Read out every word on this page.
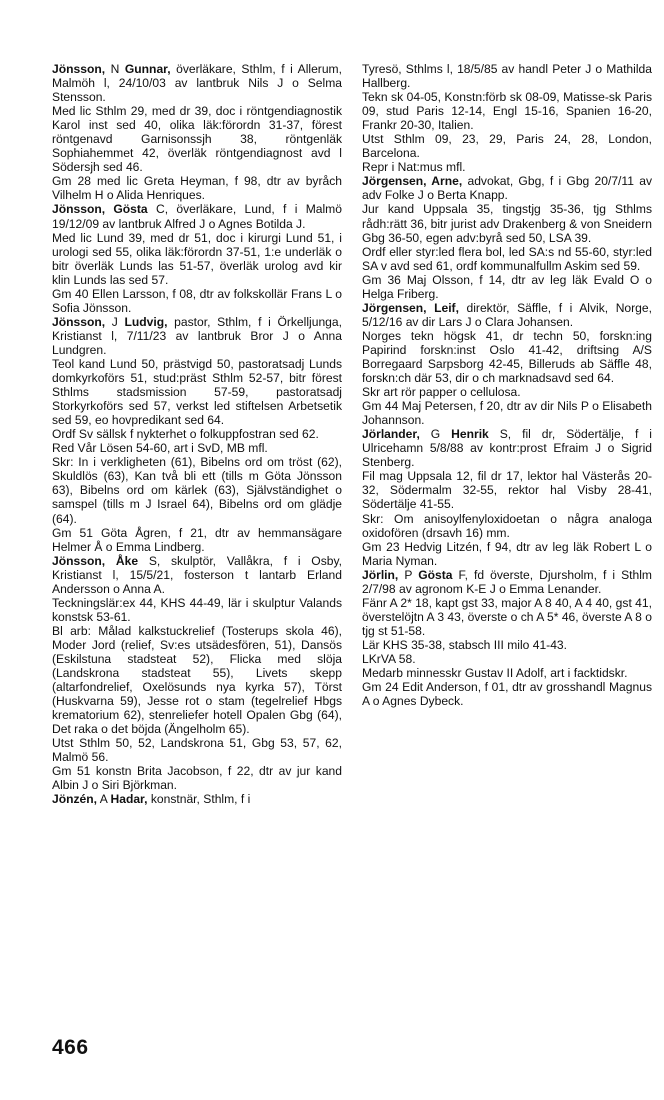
Jönsson, N Gunnar, överläkare, Sthlm, f i Allerum, Malmöh l, 24/10/03 av lantbruk Nils J o Selma Stensson.

Med lic Sthlm 29, med dr 39, doc i röntgendiagnostik Karol inst sed 40, olika läk:förordn 31-37, förest röntgenavd Garnisonssjh 38, röntgenläk Sophiahemmet 42, överläk röntgendiagnost avd l Södersjh sed 46.

Gm 28 med lic Greta Heyman, f 98, dtr av byråch Vilhelm H o Alida Henriques.

Jönsson, Gösta C, överläkare, Lund, f i Malmö 19/12/09 av lantbruk Alfred J o Agnes Botilda J.

Med lic Lund 39, med dr 51, doc i kirurgi Lund 51, i urologi sed 55, olika läk:förordn 37-51, 1:e underläk o bitr överläk Lunds las 51-57, överläk urolog avd kir klin Lunds las sed 57.

Gm 40 Ellen Larsson, f 08, dtr av folkskollär Frans L o Sofia Jönsson.

Jönsson, J Ludvig, pastor, Sthlm, f i Örkelljunga, Kristianst l, 7/11/23 av lantbruk Bror J o Anna Lundgren.

Teol kand Lund 50, prästvigd 50, pastoratsadj Lunds domkyrkoförs 51, stud:präst Sthlm 52-57, bitr förest Sthlms stadsmission 57-59, pastoratsadj Storkyrkoförs sed 57, verkst led stiftelsen Arbetsetik sed 59, eo hovpredikant sed 64.

Ordf Sv sällsk f nykterhet o folkuppfostran sed 62.

Red Vår Lösen 54-60, art i SvD, MB mfl.

Skr: In i verkligheten (61), Bibelns ord om tröst (62), Skuldlös (63), Kan två bli ett (tills m Göta Jönsson 63), Bibelns ord om kärlek (63), Självständighet o samspel (tills m J Israel 64), Bibelns ord om glädje (64).

Gm 51 Göta Ågren, f 21, dtr av hemmansägare Helmer Å o Emma Lindberg.

Jönsson, Åke S, skulptör, Vallåkra, f i Osby, Kristianst l, 15/5/21, fosterson t lantarb Erland Andersson o Anna A.

Teckningslär:ex 44, KHS 44-49, lär i skulptur Valands konstsk 53-61.

Bl arb: Målad kalkstuckrelief (Tosterups skola 46), Moder Jord (relief, Sv:es utsädesfören, 51), Dansös (Eskilstuna stadsteat 52), Flicka med slöja (Landskrona stadsteat 55), Livets skepp (altarfondrelief, Oxelösunds nya kyrka 57), Törst (Huskvarna 59), Jesse rot o stam (tegelrelief Hbgs krematorium 62), stenreliefer hotell Opalen Gbg (64), Det raka o det böjda (Ängelholm 65).

Utst Sthlm 50, 52, Landskrona 51, Gbg 53, 57, 62, Malmö 56.

Gm 51 konstn Brita Jacobson, f 22, dtr av jur kand Albin J o Siri Björkman.

Jönzén, A Hadar, konstnär, Sthlm, f i

Tyresö, Sthlms l, 18/5/85 av handl Peter J o Mathilda Hallberg.

Tekn sk 04-05, Konstn:förb sk 08-09, Matisse-sk Paris 09, stud Paris 12-14, Engl 15-16, Spanien 16-20, Frankr 20-30, Italien.

Utst Sthlm 09, 23, 29, Paris 24, 28, London, Barcelona.

Repr i Nat:mus mfl.

Jörgensen, Arne, advokat, Gbg, f i Gbg 20/7/11 av adv Folke J o Berta Knapp.

Jur kand Uppsala 35, tingstjg 35-36, tjg Sthlms rådh:rätt 36, bitr jurist adv Drakenberg & von Sneidern Gbg 36-50, egen adv:byrå sed 50, LSA 39.

Ordf eller styr:led flera bol, led SA:s nd 55-60, styr:led SA v avd sed 61, ordf kommunalfullm Askim sed 59.

Gm 36 Maj Olsson, f 14, dtr av leg läk Evald O o Helga Friberg.

Jörgensen, Leif, direktör, Säffle, f i Alvik, Norge, 5/12/16 av dir Lars J o Clara Johansen.

Norges tekn högsk 41, dr techn 50, forskn:ing Papirind forskn:inst Oslo 41-42, driftsing A/S Borregaard Sarpsborg 42-45, Billeruds ab Säffle 48, forskn:ch där 53, dir o ch marknadsavd sed 64.

Skr art rör papper o cellulosa.

Gm 44 Maj Petersen, f 20, dtr av dir Nils P o Elisabeth Johannson.

Jörlander, G Henrik S, fil dr, Södertälje, f i Ulricehamn 5/8/88 av kontr:prost Efraim J o Sigrid Stenberg.

Fil mag Uppsala 12, fil dr 17, lektor hal Västerås 20-32, Södermalm 32-55, rektor hal Visby 28-41, Södertälje 41-55.

Skr: Om anisoylfenyloxidoetan o några analoga oxidofören (drsavh 16) mm.

Gm 23 Hedvig Litzén, f 94, dtr av leg läk Robert L o Maria Nyman.

Jörlin, P Gösta F, fd överste, Djursholm, f i Sthlm 2/7/98 av agronom K-E J o Emma Lenander.

Fänr A 2* 18, kapt gst 33, major A 8 40, A 4 40, gst 41, överstelöjtn A 3 43, överste o ch A 5* 46, överste A 8 o tjg st 51-58.

Lär KHS 35-38, stabsch III milo 41-43.

LKrVA 58.

Medarb minnesskr Gustav II Adolf, art i facktidskr.

Gm 24 Edit Anderson, f 01, dtr av grosshandl Magnus A o Agnes Dybeck.

466
